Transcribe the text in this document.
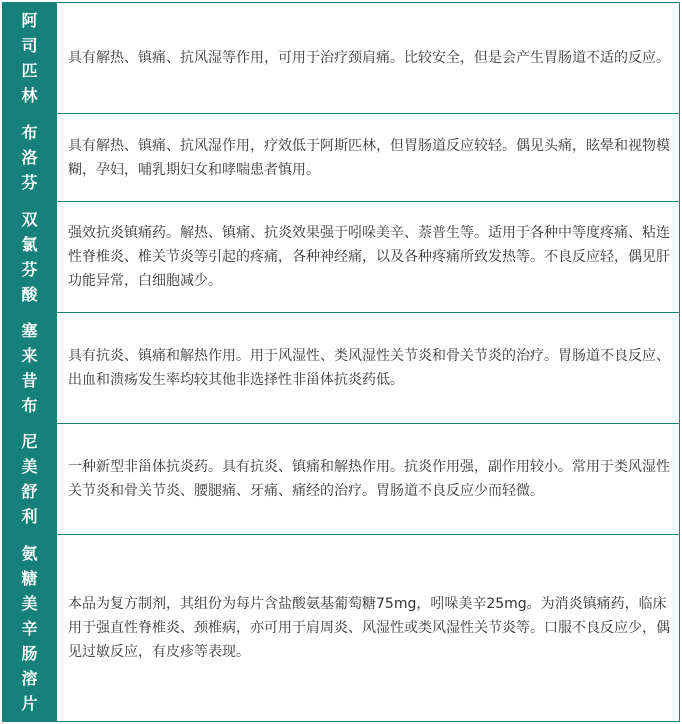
阿
司
匹
林

具有解热、镇痛、抗风湿等作用，可用于治疗颈肩痛。比较安全，但是会产生胃肠道不适的反应。

布
洛
芬

具有解热、镇痛、抗风湿作用，疗效低于阿斯匹林，但胃肠道反应较轻。偶见头痛，眩晕和视物模糊，孕妇，哺乳期妇女和哮喘患者慎用。

双
氯
芬
酸

强效抗炎镇痛药。解热、镇痛、抗炎效果强于吲哚美辛、萘普生等。适用于各种中等度疼痛、粘连性脊椎炎、椎关节炎等引起的疼痛，各种神经痛，以及各种疼痛所致发热等。不良反应轻，偶见肝功能异常，白细胞减少。

塞
来
昔
布

具有抗炎、镇痛和解热作用。用于风湿性、类风湿性关节炎和骨关节炎的治疗。胃肠道不良反应、出血和溃疡发生率均较其他非选择性非甾体抗炎药低。

尼
美
舒
利

一种新型非甾体抗炎药。具有抗炎、镇痛和解热作用。抗炎作用强，副作用较小。常用于类风湿性关节炎和骨关节炎、腰腿痛、牙痛、痛经的治疗。胃肠道不良反应少而轻微。

氨
糖
美
辛
肠
溶
片

本品为复方制剂，其组份为每片含盐酸氨基葡萄糖75mg，吲哚美辛25mg。为消炎镇痛药，临床用于强直性脊椎炎、颈椎病，亦可用于肩周炎、风湿性或类风湿性关节炎等。口服不良反应少，偶见过敏反应，有皮疹等表现。
